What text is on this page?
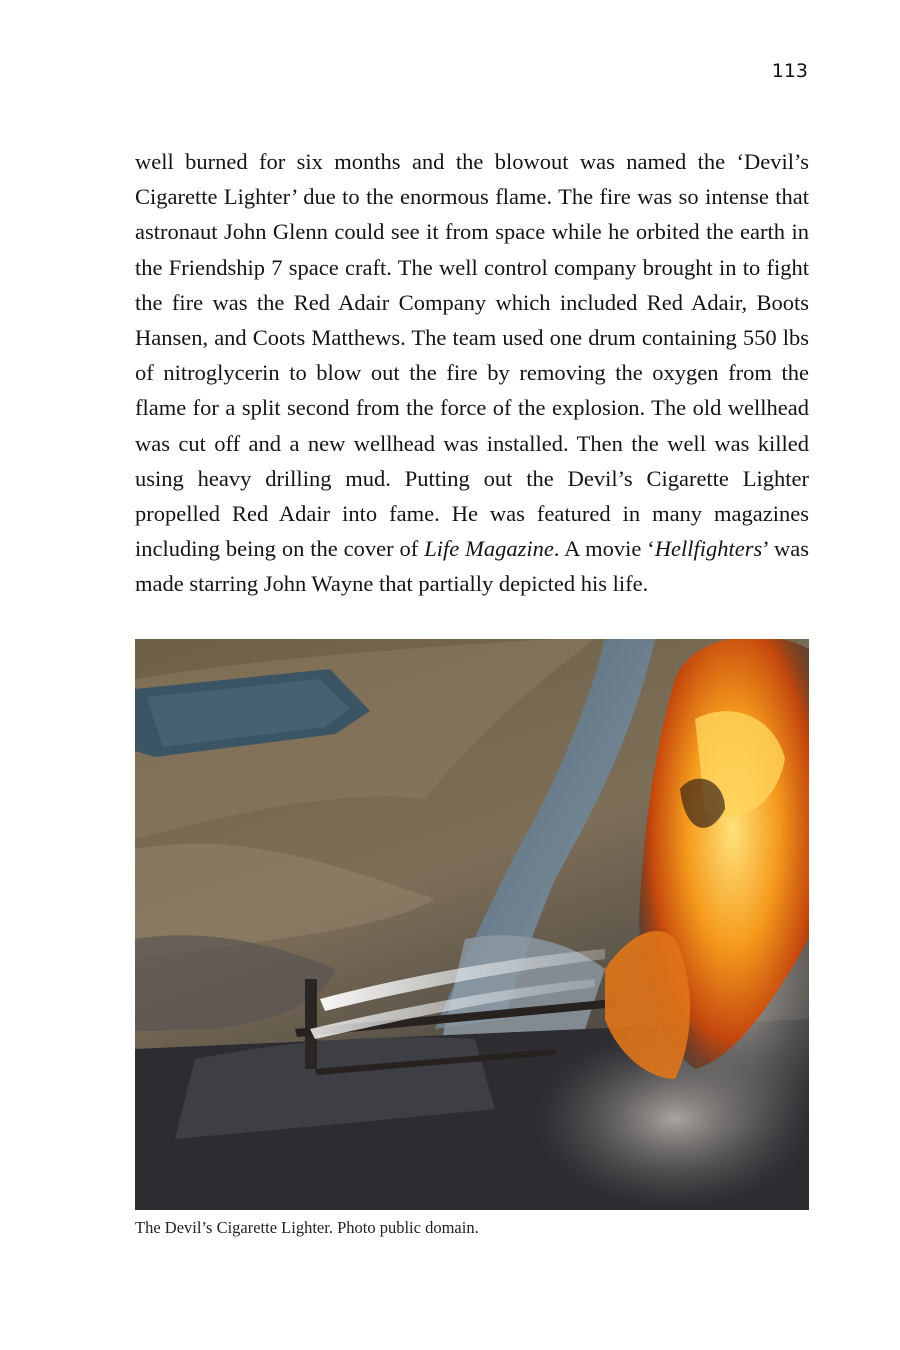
113

well burned for six months and the blowout was named the ‘Devil’s Cigarette Lighter’ due to the enormous flame. The fire was so intense that astronaut John Glenn could see it from space while he orbited the earth in the Friendship 7 space craft. The well control company brought in to fight the fire was the Red Adair Company which included Red Adair, Boots Hansen, and Coots Matthews. The team used one drum containing 550 lbs of nitroglycerin to blow out the fire by removing the oxygen from the flame for a split second from the force of the explosion. The old wellhead was cut off and a new wellhead was installed. Then the well was killed using heavy drilling mud. Putting out the Devil’s Cigarette Lighter propelled Red Adair into fame. He was featured in many magazines including being on the cover of Life Magazine. A movie ‘Hellfighters’ was made starring John Wayne that partially depicted his life.

The Devil’s Cigarette Lighter. Photo public domain.
